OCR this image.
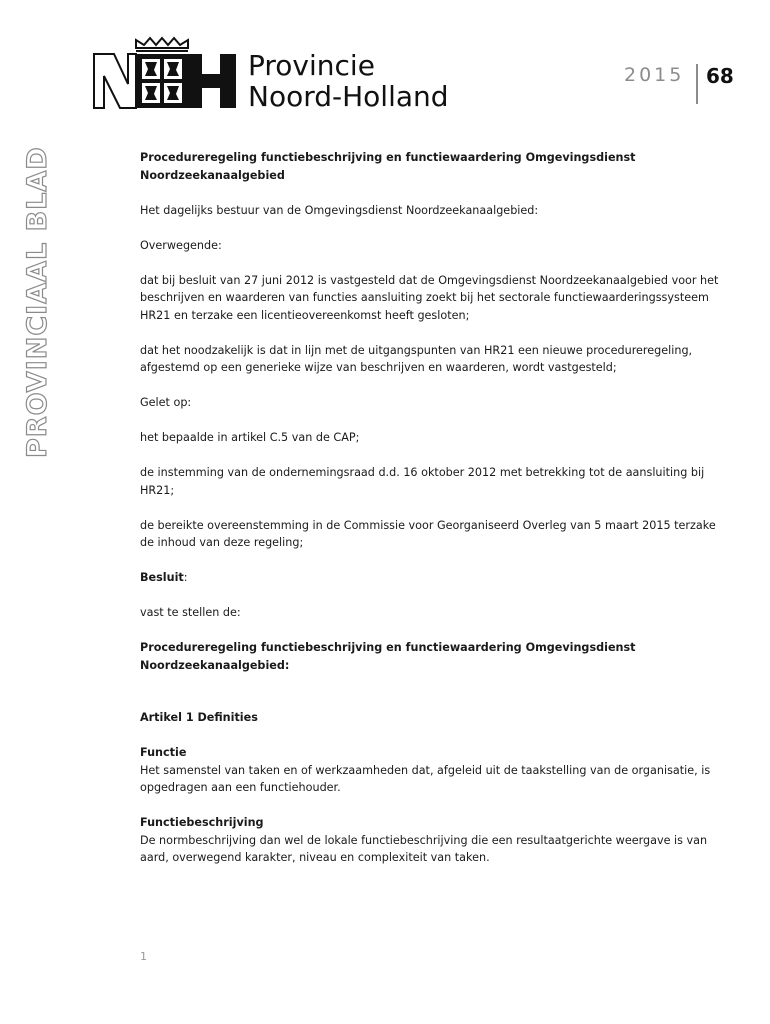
Provincie
Noord-Holland
2015 68
PROVINCIAAL BLAD	Procedureregeling functiebeschrijving en functiewaardering Omgevingsdienst Noordzeekanaalgebied

Het dagelijks bestuur van de Omgevingsdienst Noordzeekanaalgebied:

Overwegende:

dat bij besluit van 27 juni 2012 is vastgesteld dat de Omgevingsdienst Noordzeekanaalgebied voor het beschrijven en waarderen van functies aansluiting zoekt bij het sectorale functiewaarderingssysteem HR21 en terzake een licentieovereenkomst heeft gesloten;

dat het noodzakelijk is dat in lijn met de uitgangspunten van HR21 een nieuwe procedureregeling, afgestemd op een generieke wijze van beschrijven en waarderen, wordt vastgesteld;

Gelet op:

het bepaalde in artikel C.5 van de CAP;

de instemming van de ondernemingsraad d.d. 16 oktober 2012 met betrekking tot de aansluiting bij HR21;

de bereikte overeenstemming in de Commissie voor Georganiseerd Overleg van 5 maart 2015 terzake de inhoud van deze regeling;

Besluit:

vast te stellen de:

Procedureregeling functiebeschrijving en functiewaardering Omgevingsdienst Noordzeekanaalgebied:

Artikel 1 Definities

Functie
Het samenstel van taken en of werkzaamheden dat, afgeleid uit de taakstelling van de organisatie, is opgedragen aan een functiehouder.

Functiebeschrijving
De normbeschrijving dan wel de lokale functiebeschrijving die een resultaatgerichte weergave is van aard, overwegend karakter, niveau en complexiteit van taken.

1
